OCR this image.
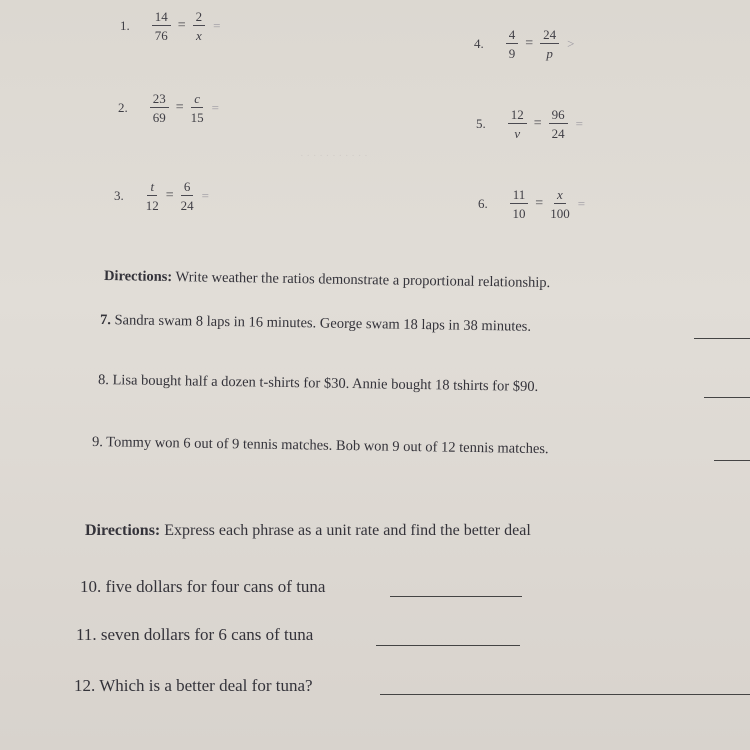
· · · · · · · · · · ·
1. $\frac{14}{76} = \frac{2}{x}$ =
2. $\frac{23}{69} = \frac{c}{15}$ =
3. $\frac{t}{12} = \frac{6}{24}$ =
4. $\frac{4}{9} = \frac{24}{p}$ >
5. $\frac{12}{v} = \frac{96}{24}$ =
6. $\frac{11}{10} = \frac{x}{100}$ =
Directions: Write weather the ratios demonstrate a proportional relationship.
7. Sandra swam 8 laps in 16 minutes. George swam 18 laps in 38 minutes.
8. Lisa bought half a dozen t-shirts for $30. Annie bought 18 tshirts for $90.
9. Tommy won 6 out of 9 tennis matches. Bob won 9 out of 12 tennis matches.
Directions: Express each phrase as a unit rate and find the better deal
10. five dollars for four cans of tuna
11. seven dollars for 6 cans of tuna
12. Which is a better deal for tuna?
